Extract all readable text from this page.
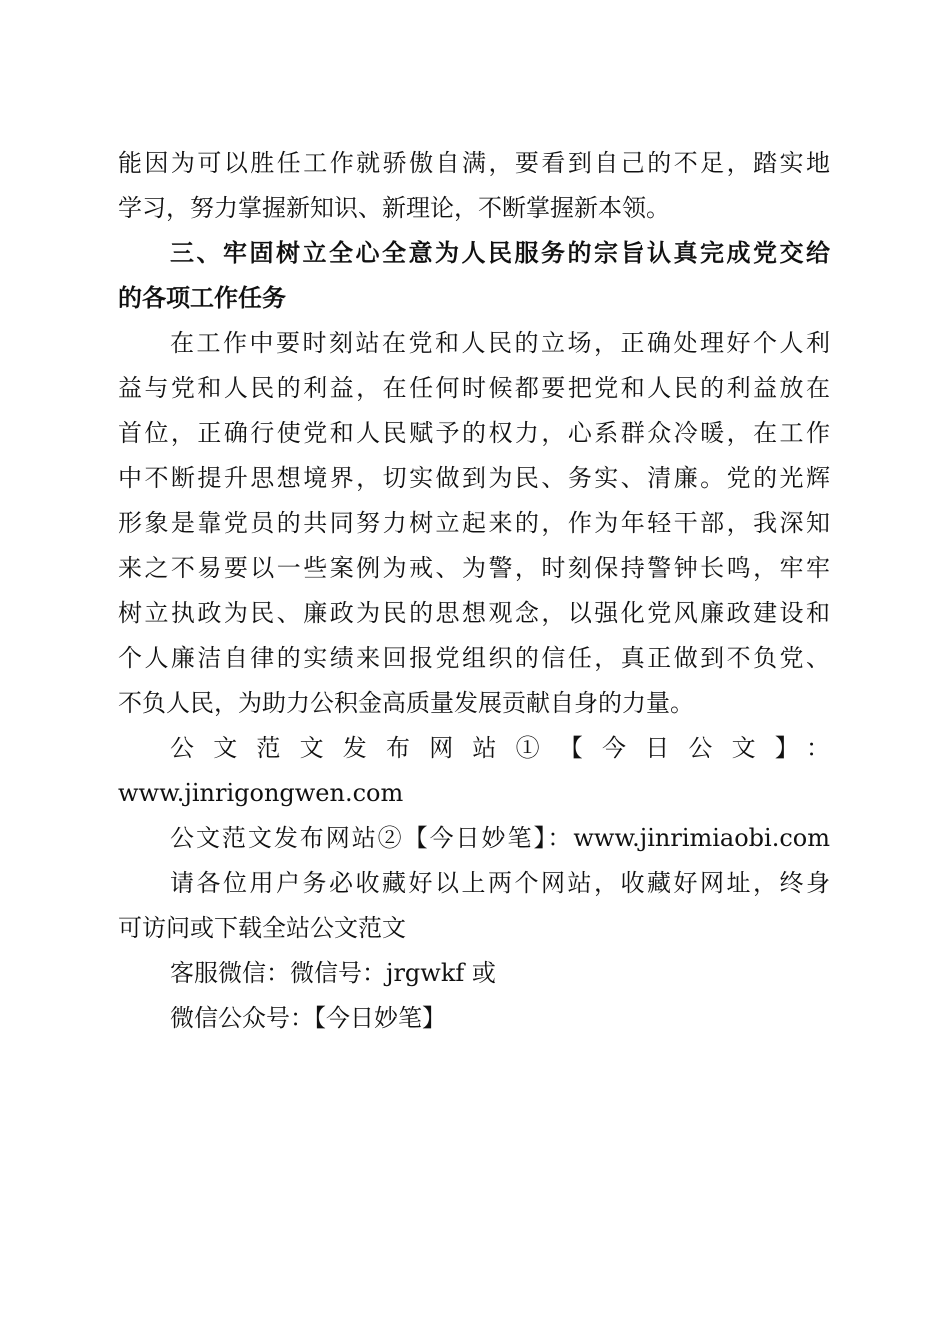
能因为可以胜任工作就骄傲自满，要看到自己的不足，踏实地
学习，努力掌握新知识、新理论，不断掌握新本领。
三、牢固树立全心全意为人民服务的宗旨认真完成党交给
的各项工作任务
在工作中要时刻站在党和人民的立场，正确处理好个人利
益与党和人民的利益，在任何时候都要把党和人民的利益放在
首位，正确行使党和人民赋予的权力，心系群众冷暖，在工作
中不断提升思想境界，切实做到为民、务实、清廉。党的光辉
形象是靠党员的共同努力树立起来的，作为年轻干部，我深知
来之不易要以一些案例为戒、为警，时刻保持警钟长鸣，牢牢
树立执政为民、廉政为民的思想观念，以强化党风廉政建设和
个人廉洁自律的实绩来回报党组织的信任，真正做到不负党、
不负人民，为助力公积金高质量发展贡献自身的力量。
公文范文发布网站①【今日公文】：
www.jinrigongwen.com
公文范文发布网站②【今日妙笔】：www.jinrimiaobi.com
请各位用户务必收藏好以上两个网站，收藏好网址，终身
可访问或下载全站公文范文
客服微信：微信号：jrgwkf 或
微信公众号：【今日妙笔】
